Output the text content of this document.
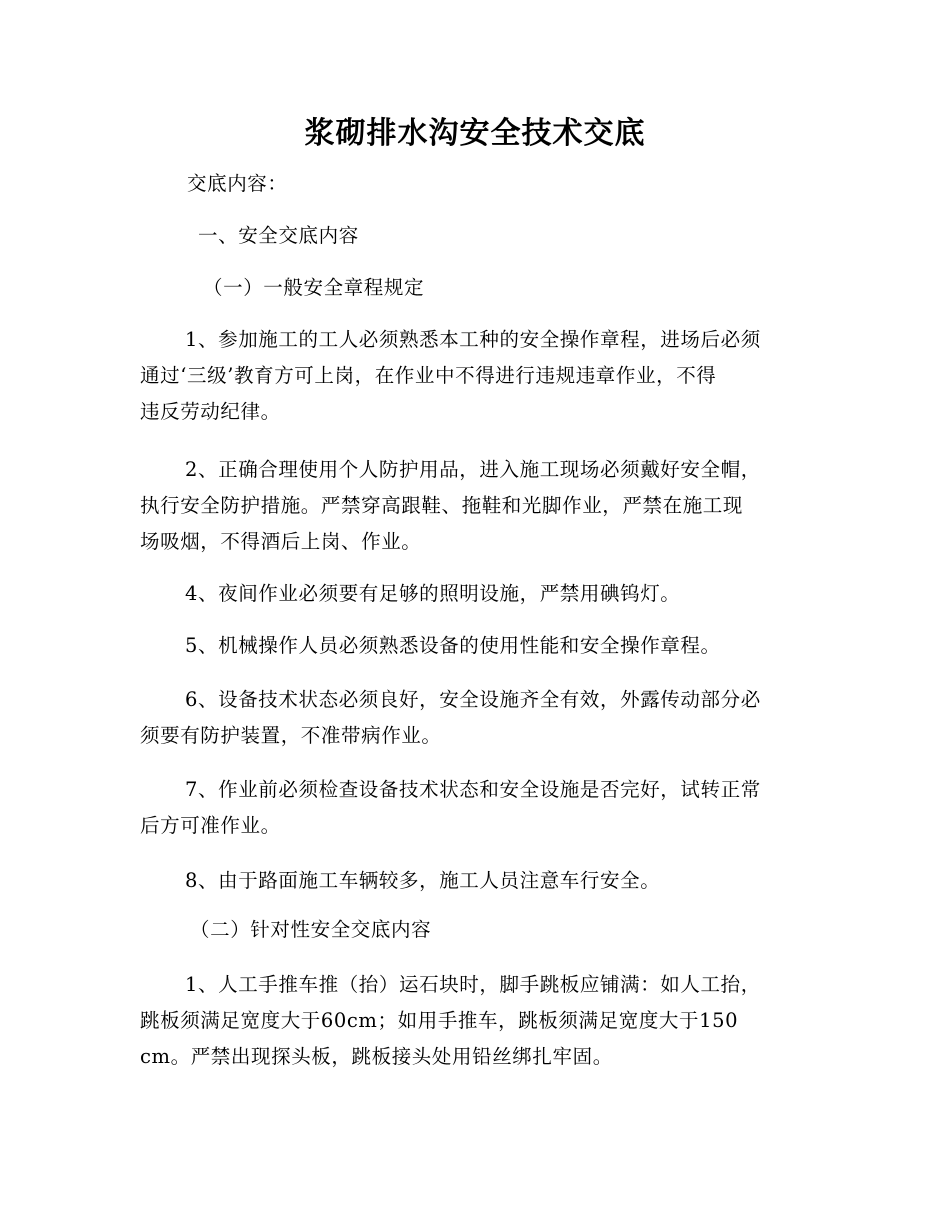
浆砌排水沟安全技术交底
交底内容：
一、安全交底内容
（一）一般安全章程规定
1、参加施工的工人必须熟悉本工种的安全操作章程，进场后必须
通过‘三级’教育方可上岗，在作业中不得进行违规违章作业，不得
违反劳动纪律。
2、正确合理使用个人防护用品，进入施工现场必须戴好安全帽，
执行安全防护措施。严禁穿高跟鞋、拖鞋和光脚作业，严禁在施工现
场吸烟，不得酒后上岗、作业。
4、夜间作业必须要有足够的照明设施，严禁用碘钨灯。
5、机械操作人员必须熟悉设备的使用性能和安全操作章程。
6、设备技术状态必须良好，安全设施齐全有效，外露传动部分必
须要有防护装置，不准带病作业。
7、作业前必须检查设备技术状态和安全设施是否完好，试转正常
后方可准作业。
8、由于路面施工车辆较多，施工人员注意车行安全。
（二）针对性安全交底内容
1、人工手推车推（抬）运石块时，脚手跳板应铺满：如人工抬，
跳板须满足宽度大于60cm；如用手推车，跳板须满足宽度大于150
cm。严禁出现探头板，跳板接头处用铅丝绑扎牢固。
